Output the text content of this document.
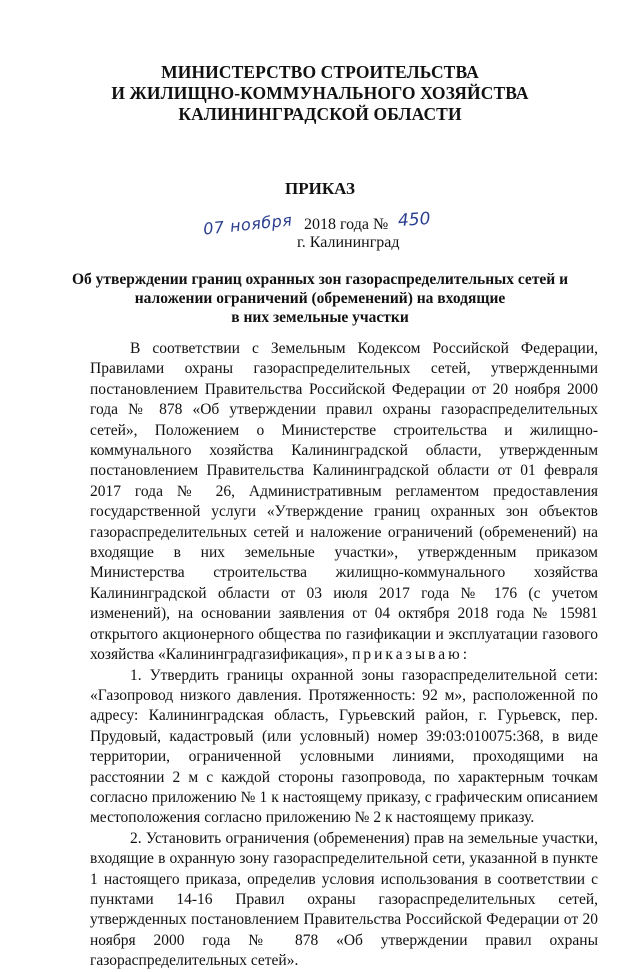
МИНИСТЕРСТВО СТРОИТЕЛЬСТВА
И ЖИЛИЩНО-КОММУНАЛЬНОГО ХОЗЯЙСТВА
КАЛИНИНГРАДСКОЙ ОБЛАСТИ
ПРИКАЗ
07 ноября 2018 года № 450
г. Калининград
Об утверждении границ охранных зон газораспределительных сетей и
наложении ограничений (обременений) на входящие
в них земельные участки

В соответствии с Земельным Кодексом Российской Федерации, Правилами охраны газораспределительных сетей, утвержденными постановлением Правительства Российской Федерации от 20 ноября 2000 года № 878 «Об утверждении правил охраны газораспределительных сетей», Положением о Министерстве строительства и жилищно-коммунального хозяйства Калининградской области, утвержденным постановлением Правительства Калининградской области от 01 февраля 2017 года № 26, Административным регламентом предоставления государственной услуги «Утверждение границ охранных зон объектов газораспределительных сетей и наложение ограничений (обременений) на входящие в них земельные участки», утвержденным приказом Министерства строительства жилищно-коммунального хозяйства Калининградской области от 03 июля 2017 года № 176 (с учетом изменений), на основании заявления от 04 октября 2018 года № 15981 открытого акционерного общества по газификации и эксплуатации газового хозяйства «Калининградгазификация», приказываю:

1. Утвердить границы охранной зоны газораспределительной сети: «Газопровод низкого давления. Протяженность: 92 м», расположенной по адресу: Калининградская область, Гурьевский район, г. Гурьевск, пер. Прудовый, кадастровый (или условный) номер 39:03:010075:368, в виде территории, ограниченной условными линиями, проходящими на расстоянии 2 м с каждой стороны газопровода, по характерным точкам согласно приложению № 1 к настоящему приказу, с графическим описанием местоположения согласно приложению № 2 к настоящему приказу.

2. Установить ограничения (обременения) прав на земельные участки, входящие в охранную зону газораспределительной сети, указанной в пункте 1 настоящего приказа, определив условия использования в соответствии с пунктами 14-16 Правил охраны газораспределительных сетей, утвержденных постановлением Правительства Российской Федерации от 20 ноября 2000 года № 878 «Об утверждении правил охраны газораспределительных сетей».
